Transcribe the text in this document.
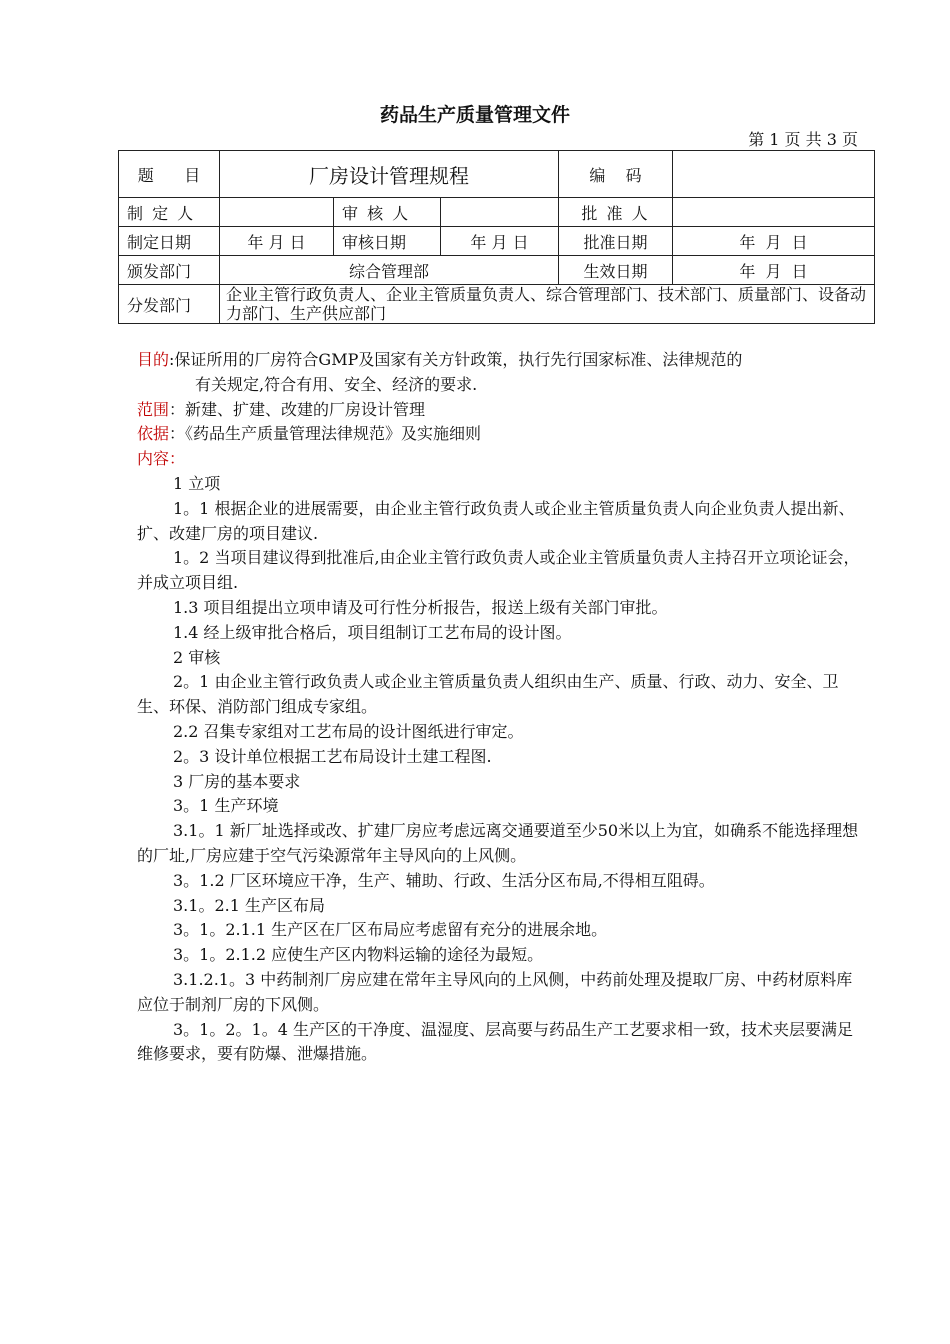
药品生产质量管理文件
第 1 页 共 3 页
题      目	厂房设计管理规程			编    码	
制 定 人		审 核 人		批 准 人	
制定日期	年 月 日	审核日期	年 月 日	批准日期	年  月  日
颁发部门	综合管理部			生效日期	年  月  日
分发部门	企业主管行政负责人、企业主管质量负责人、综合管理部门、技术部门、质量部门、设备动力部门、生产供应部门				

目的:保证所用的厂房符合GMP及国家有关方针政策，执行先行国家标准、法律规范的

有关规定,符合有用、安全、经济的要求.

范围：新建、扩建、改建的厂房设计管理

依据：《药品生产质量管理法律规范》及实施细则

内容：

1 立项

1。1 根据企业的进展需要，由企业主管行政负责人或企业主管质量负责人向企业负责人提出新、扩、改建厂房的项目建议.

1。2 当项目建议得到批准后,由企业主管行政负责人或企业主管质量负责人主持召开立项论证会，并成立项目组.

1.3 项目组提出立项申请及可行性分析报告，报送上级有关部门审批。

1.4 经上级审批合格后，项目组制订工艺布局的设计图。

2 审核

2。1 由企业主管行政负责人或企业主管质量负责人组织由生产、质量、行政、动力、安全、卫生、环保、消防部门组成专家组。

2.2 召集专家组对工艺布局的设计图纸进行审定。

2。3 设计单位根据工艺布局设计土建工程图.

3 厂房的基本要求

3。1 生产环境

3.1。1 新厂址选择或改、扩建厂房应考虑远离交通要道至少50米以上为宜，如确系不能选择理想的厂址,厂房应建于空气污染源常年主导风向的上风侧。

3。1.2 厂区环境应干净，生产、辅助、行政、生活分区布局,不得相互阻碍。

3.1。2.1 生产区布局

3。1。2.1.1 生产区在厂区布局应考虑留有充分的进展余地。

3。1。2.1.2 应使生产区内物料运输的途径为最短。

3.1.2.1。3 中药制剂厂房应建在常年主导风向的上风侧，中药前处理及提取厂房、中药材原料库应位于制剂厂房的下风侧。

3。1。2。1。4 生产区的干净度、温湿度、层高要与药品生产工艺要求相一致，技术夹层要满足维修要求，要有防爆、泄爆措施。
